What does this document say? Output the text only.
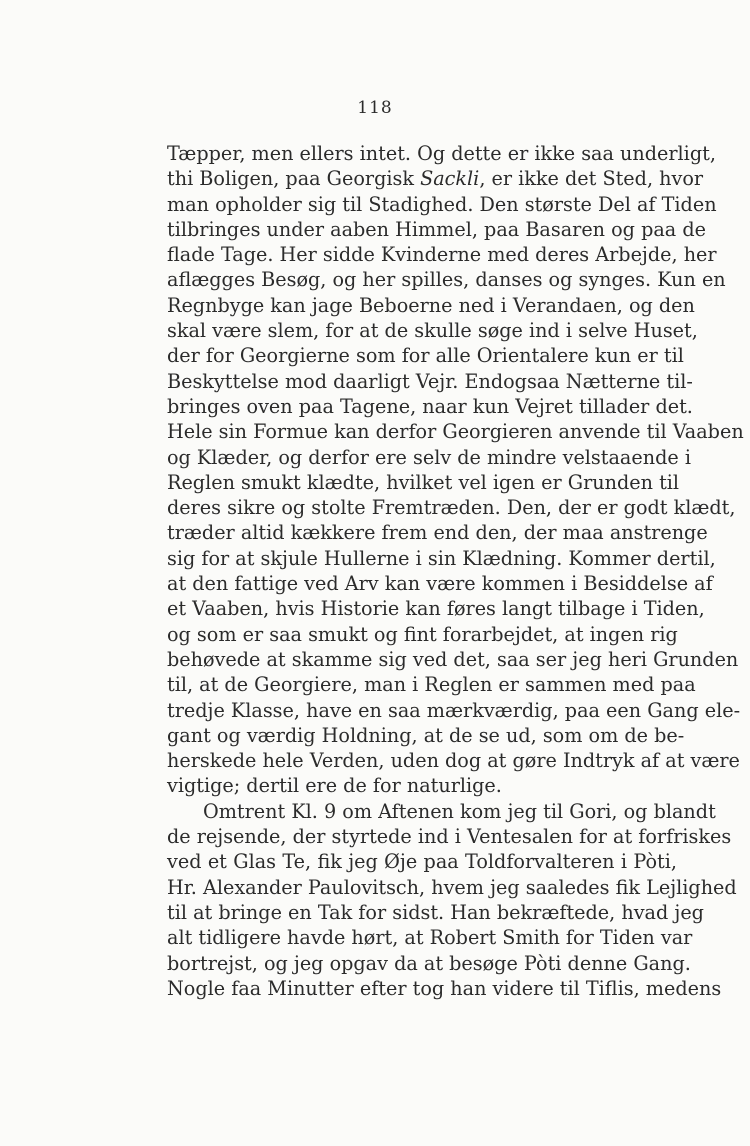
118
Tæpper, men ellers intet. Og dette er ikke saa underligt,
thi Boligen, paa Georgisk Sackli, er ikke det Sted, hvor
man opholder sig til Stadighed. Den største Del af Tiden
tilbringes under aaben Himmel, paa Basaren og paa de
flade Tage. Her sidde Kvinderne med deres Arbejde, her
aflægges Besøg, og her spilles, danses og synges. Kun en
Regnbyge kan jage Beboerne ned i Verandaen, og den
skal være slem, for at de skulle søge ind i selve Huset,
der for Georgierne som for alle Orientalere kun er til
Beskyttelse mod daarligt Vejr. Endogsaa Nætterne til-
bringes oven paa Tagene, naar kun Vejret tillader det.
Hele sin Formue kan derfor Georgieren anvende til Vaaben
og Klæder, og derfor ere selv de mindre velstaaende i
Reglen smukt klædte, hvilket vel igen er Grunden til
deres sikre og stolte Fremtræden. Den, der er godt klædt,
træder altid kækkere frem end den, der maa anstrenge
sig for at skjule Hullerne i sin Klædning. Kommer dertil,
at den fattige ved Arv kan være kommen i Besiddelse af
et Vaaben, hvis Historie kan føres langt tilbage i Tiden,
og som er saa smukt og fint forarbejdet, at ingen rig
behøvede at skamme sig ved det, saa ser jeg heri Grunden
til, at de Georgiere, man i Reglen er sammen med paa
tredje Klasse, have en saa mærkværdig, paa een Gang ele-
gant og værdig Holdning, at de se ud, som om de be-
herskede hele Verden, uden dog at gøre Indtryk af at være
vigtige; dertil ere de for naturlige.
Omtrent Kl. 9 om Aftenen kom jeg til Gori, og blandt
de rejsende, der styrtede ind i Ventesalen for at forfriskes
ved et Glas Te, fik jeg Øje paa Toldforvalteren i Pòti,
Hr. Alexander Paulovitsch, hvem jeg saaledes fik Lejlighed
til at bringe en Tak for sidst. Han bekræftede, hvad jeg
alt tidligere havde hørt, at Robert Smith for Tiden var
bortrejst, og jeg opgav da at besøge Pòti denne Gang.
Nogle faa Minutter efter tog han videre til Tiflis, medens
